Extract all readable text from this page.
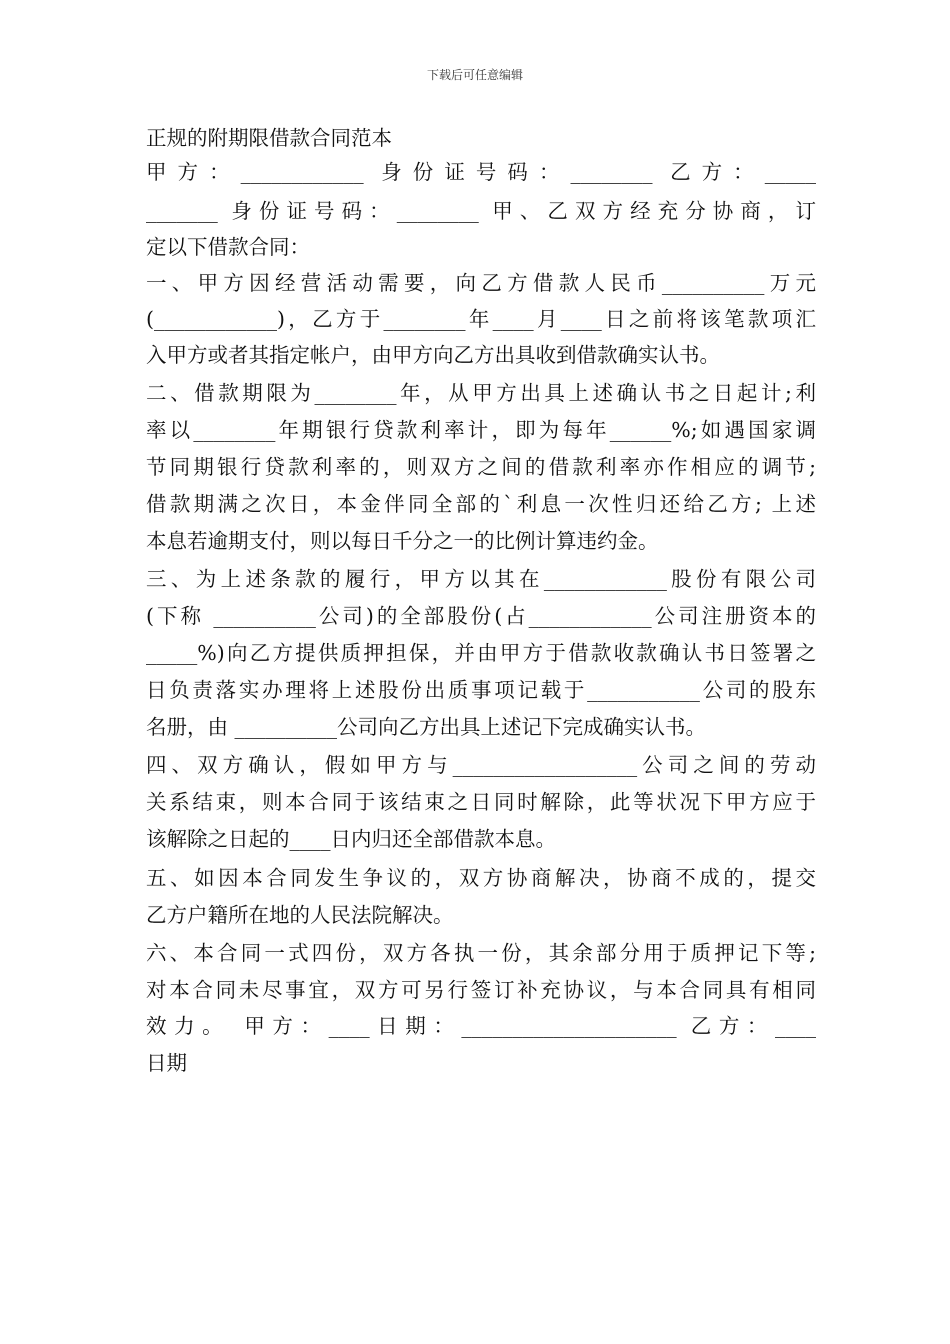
下载后可任意编辑
正规的附期限借款合同范本
甲方：____________ 身份证号码：________ 乙方：_____
_______ 身份证号码：________ 甲、乙双方经充分协商，订
定以下借款合同：
一、甲方因经营活动需要，向乙方借款人民币__________万元
(____________)，乙方于________年____月____日之前将该笔款项汇
入甲方或者其指定帐户，由甲方向乙方出具收到借款确实认书。
二、借款期限为________年，从甲方出具上述确认书之日起计;利
率以________年期银行贷款利率计，即为每年______%;如遇国家调
节同期银行贷款利率的，则双方之间的借款利率亦作相应的调节;
借款期满之次日，本金伴同全部的`利息一次性归还给乙方; 上述
本息若逾期支付，则以每日千分之一的比例计算违约金。
三、为上述条款的履行，甲方以其在____________股份有限公司
(下称 __________公司)的全部股份(占____________公司注册资本的
_____%)向乙方提供质押担保，并由甲方于借款收款确认书日签署之
日负责落实办理将上述股份出质事项记载于___________公司的股东
名册，由 __________公司向乙方出具上述记下完成确实认书。
四、双方确认，假如甲方与__________________公司之间的劳动
关系结束，则本合同于该结束之日同时解除，此等状况下甲方应于
该解除之日起的____日内归还全部借款本息。
五、如因本合同发生争议的，双方协商解决，协商不成的，提交
乙方户籍所在地的人民法院解决。
六、本合同一式四份，双方各执一份，其余部分用于质押记下等;
对本合同未尽事宜，双方可另行签订补充协议，与本合同具有相同
效力。 甲方：____日期：_____________________ 乙方：____
日期
